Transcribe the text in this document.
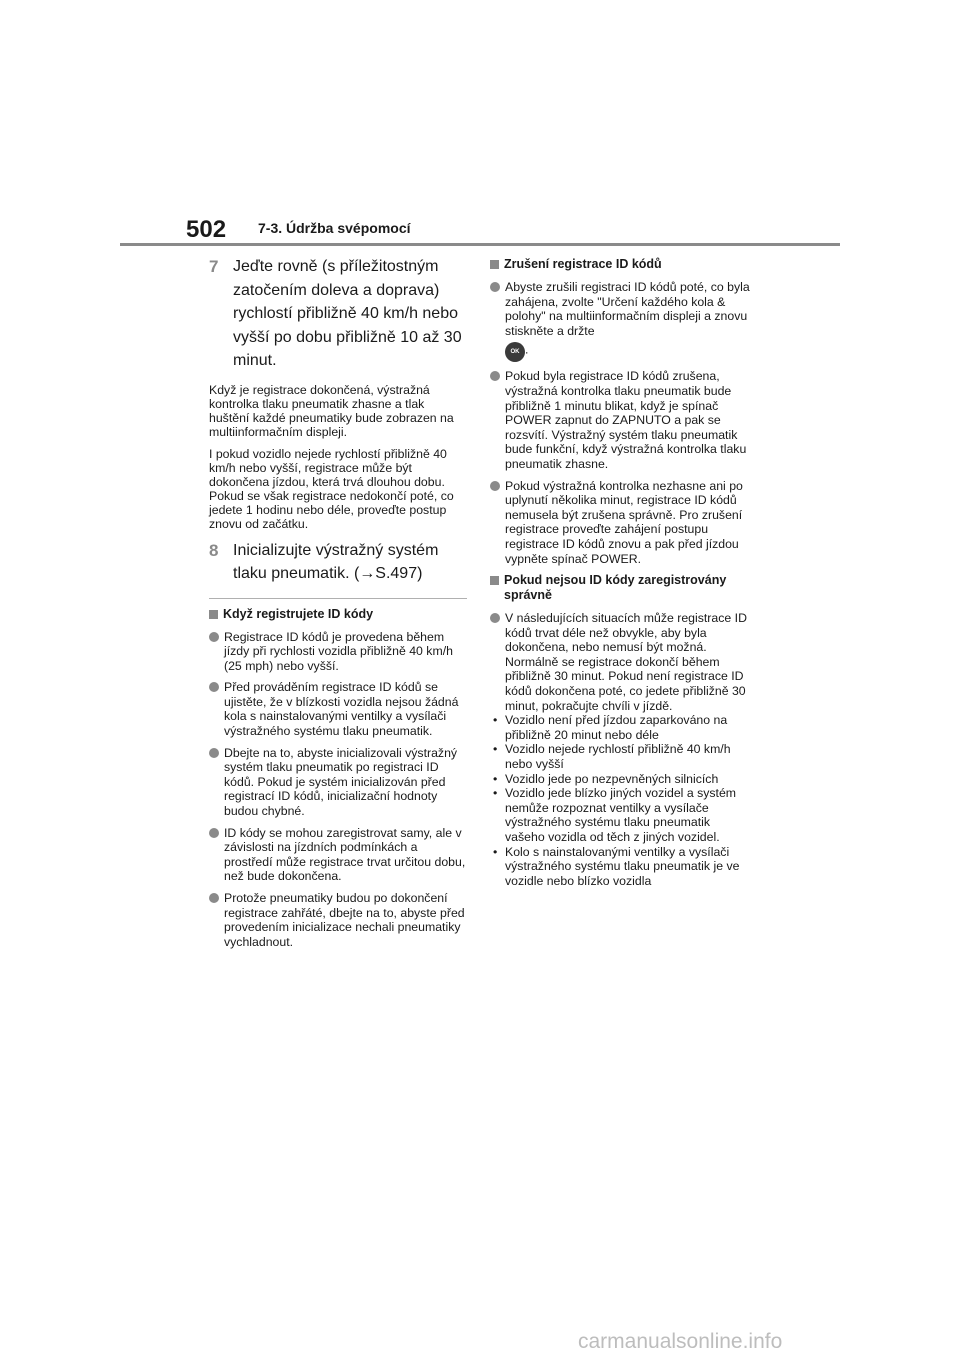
502 7-3. Údržba svépomocí
7 Jeďte rovně (s příležitostným zatočením doleva a doprava) rychlostí přibližně 40 km/h nebo vyšší po dobu přibližně 10 až 30 minut.

Když je registrace dokončená, výstražná kontrolka tlaku pneumatik zhasne a tlak huštění každé pneumatiky bude zobrazen na multiinformačním displeji.

I pokud vozidlo nejede rychlostí přibližně 40 km/h nebo vyšší, registrace může být dokončena jízdou, která trvá dlouhou dobu. Pokud se však registrace nedokončí poté, co jedete 1 hodinu nebo déle, proveďte postup znovu od začátku.

8 Inicializujte výstražný systém tlaku pneumatik. (→S.497)
Když registrujete ID kódy
Registrace ID kódů je provedena během jízdy při rychlosti vozidla přibližně 40 km/h (25 mph) nebo vyšší.
Před prováděním registrace ID kódů se ujistěte, že v blízkosti vozidla nejsou žádná kola s nainstalovanými ventilky a vysílači výstražného systému tlaku pneumatik.
Dbejte na to, abyste inicializovali výstražný systém tlaku pneumatik po registraci ID kódů. Pokud je systém inicializován před registrací ID kódů, inicializační hodnoty budou chybné.
ID kódy se mohou zaregistrovat samy, ale v závislosti na jízdních podmínkách a prostředí může registrace trvat určitou dobu, než bude dokončena.
Protože pneumatiky budou po dokončení registrace zahřáté, dbejte na to, abyste před provedením inicializace nechali pneumatiky vychladnout.
Zrušení registrace ID kódů
Abyste zrušili registraci ID kódů poté, co byla zahájena, zvolte "Určení každého kola & polohy" na multiinformačním displeji a znovu stiskněte a držte
OK .
Pokud byla registrace ID kódů zrušena, výstražná kontrolka tlaku pneumatik bude přibližně 1 minutu blikat, když je spínač POWER zapnut do ZAPNUTO a pak se rozsvítí. Výstražný systém tlaku pneumatik bude funkční, když výstražná kontrolka tlaku pneumatik zhasne.
Pokud výstražná kontrolka nezhasne ani po uplynutí několika minut, registrace ID kódů nemusela být zrušena správně. Pro zrušení registrace proveďte zahájení postupu registrace ID kódů znovu a pak před jízdou vypněte spínač POWER.
Pokud nejsou ID kódy zaregistrovány správně
V následujících situacích může registrace ID kódů trvat déle než obvykle, aby byla dokončena, nebo nemusí být možná. Normálně se registrace dokončí během přibližně 30 minut. Pokud není registrace ID kódů dokončena poté, co jedete přibližně 30 minut, pokračujte chvíli v jízdě.
• Vozidlo není před jízdou zaparkováno na přibližně 20 minut nebo déle
• Vozidlo nejede rychlostí přibližně 40 km/h nebo vyšší
• Vozidlo jede po nezpevněných silnicích
• Vozidlo jede blízko jiných vozidel a systém nemůže rozpoznat ventilky a vysílače výstražného systému tlaku pneumatik vašeho vozidla od těch z jiných vozidel.
• Kolo s nainstalovanými ventilky a vysílači výstražného systému tlaku pneumatik je ve vozidle nebo blízko vozidla
carmanualsonline.info
